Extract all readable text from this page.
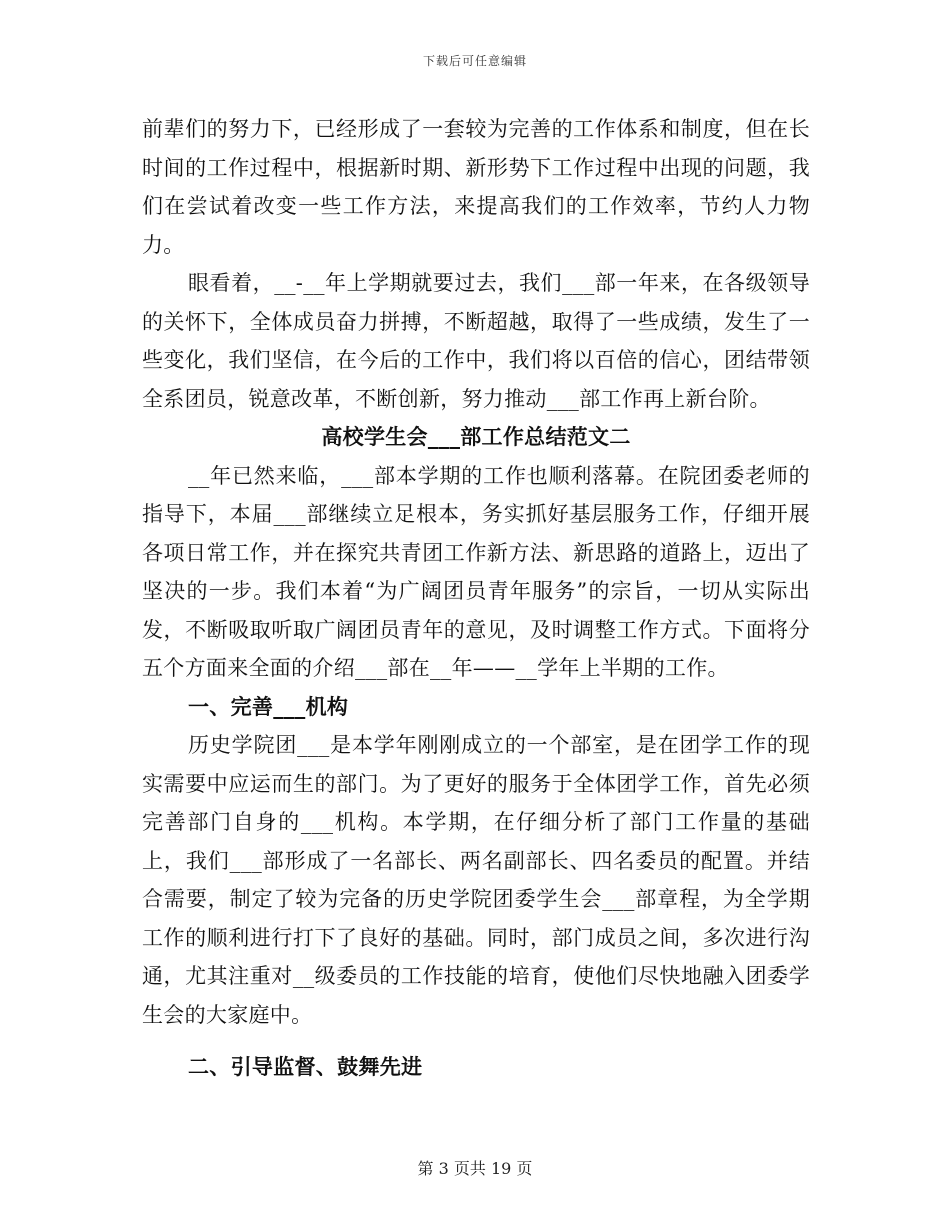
下载后可任意编辑

前辈们的努力下，已经形成了一套较为完善的工作体系和制度，但在长时间的工作过程中，根据新时期、新形势下工作过程中出现的问题，我们在尝试着改变一些工作方法，来提高我们的工作效率，节约人力物力。

眼看着，__-__年上学期就要过去，我们___部一年来，在各级领导的关怀下，全体成员奋力拼搏，不断超越，取得了一些成绩，发生了一些变化，我们坚信，在今后的工作中，我们将以百倍的信心，团结带领全系团员，锐意改革，不断创新，努力推动___部工作再上新台阶。

高校学生会___部工作总结范文二

__年已然来临，___部本学期的工作也顺利落幕。在院团委老师的指导下，本届___部继续立足根本，务实抓好基层服务工作，仔细开展各项日常工作，并在探究共青团工作新方法、新思路的道路上，迈出了坚决的一步。我们本着“为广阔团员青年服务”的宗旨，一切从实际出发，不断吸取听取广阔团员青年的意见，及时调整工作方式。下面将分五个方面来全面的介绍___部在__年——__学年上半期的工作。

一、完善___机构

历史学院团___是本学年刚刚成立的一个部室，是在团学工作的现实需要中应运而生的部门。为了更好的服务于全体团学工作，首先必须完善部门自身的___机构。本学期，在仔细分析了部门工作量的基础上，我们___部形成了一名部长、两名副部长、四名委员的配置。并结合需要，制定了较为完备的历史学院团委学生会___部章程，为全学期工作的顺利进行打下了良好的基础。同时，部门成员之间，多次进行沟通，尤其注重对__级委员的工作技能的培育，使他们尽快地融入团委学生会的大家庭中。

二、引导监督、鼓舞先进

第 3 页共 19 页
